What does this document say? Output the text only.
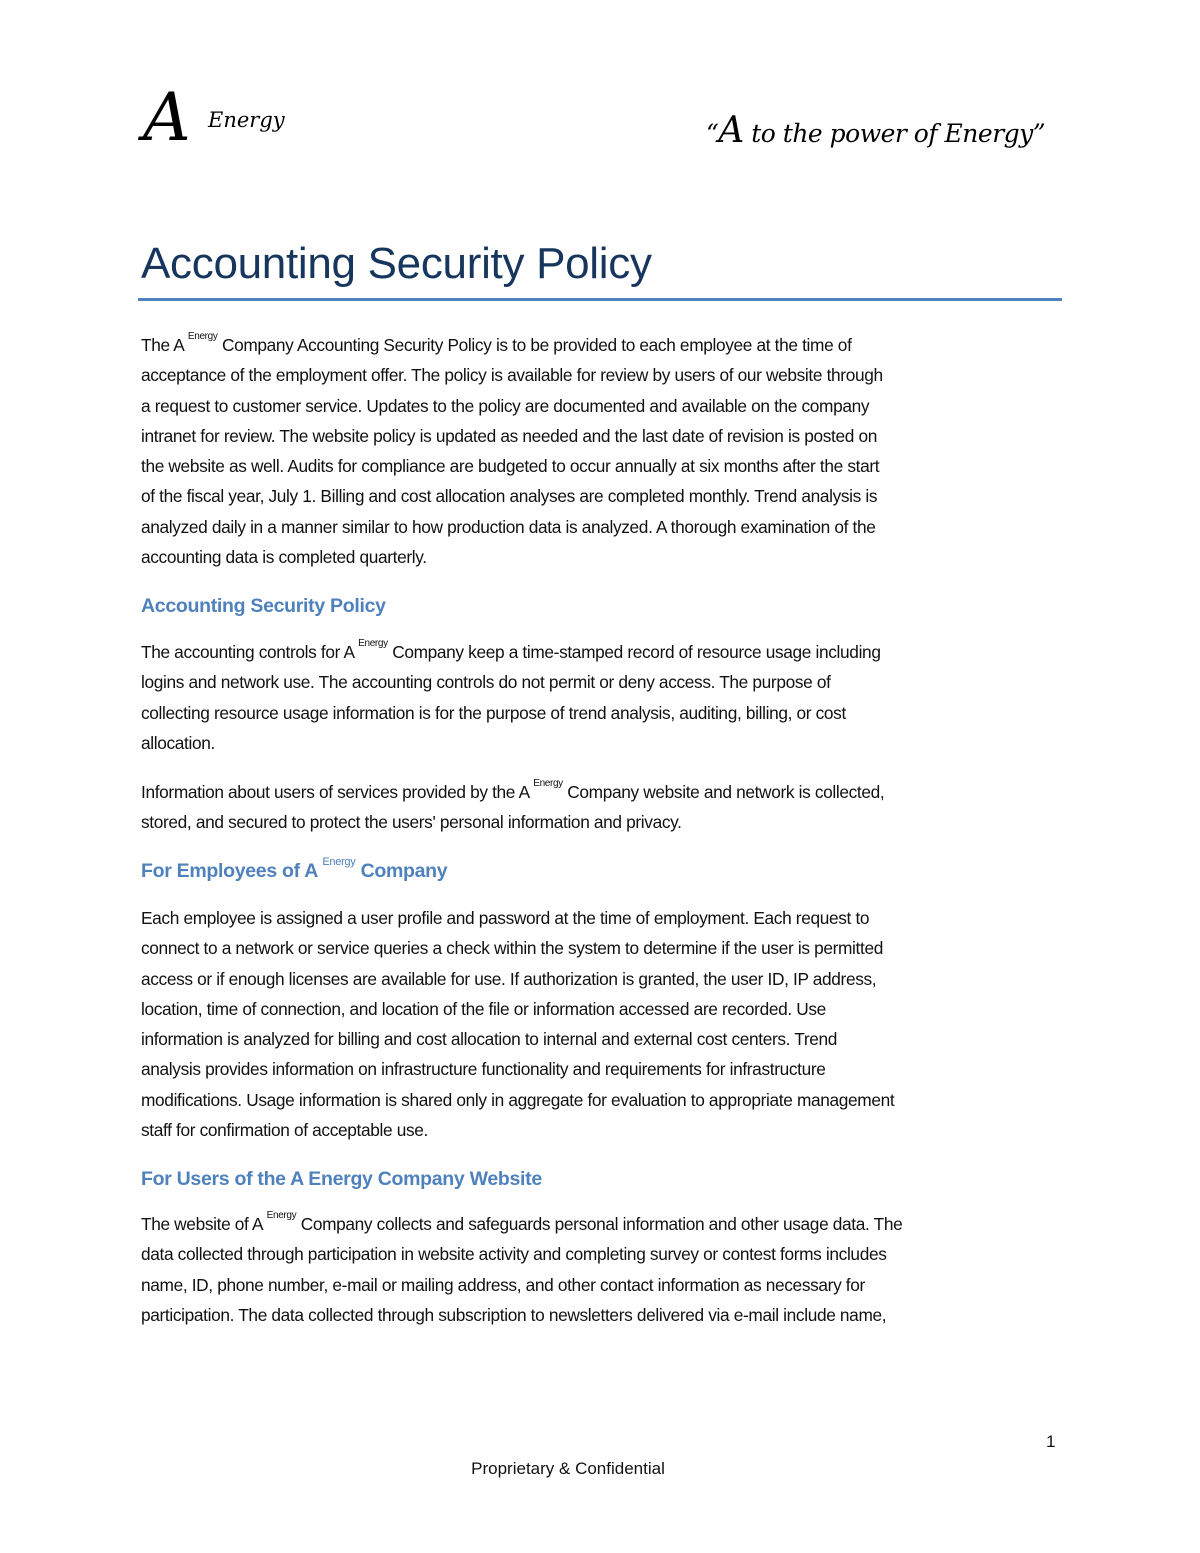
A Energy	“A to the power of Energy”
Accounting Security Policy
The A $^{Energy}$ Company Accounting Security Policy is to be provided to each employee at the time of
acceptance of the employment offer. The policy is available for review by users of our website through
a request to customer service. Updates to the policy are documented and available on the company
intranet for review. The website policy is updated as needed and the last date of revision is posted on
the website as well. Audits for compliance are budgeted to occur annually at six months after the start
of the fiscal year, July 1. Billing and cost allocation analyses are completed monthly. Trend analysis is
analyzed daily in a manner similar to how production data is analyzed. A thorough examination of the
accounting data is completed quarterly.
Accounting Security Policy
The accounting controls for A $^{Energy}$ Company keep a time-stamped record of resource usage including
logins and network use. The accounting controls do not permit or deny access. The purpose of
collecting resource usage information is for the purpose of trend analysis, auditing, billing, or cost
allocation.
Information about users of services provided by the A $^{Energy}$ Company website and network is collected,
stored, and secured to protect the users' personal information and privacy.
For Employees of A $^{Energy}$ Company
Each employee is assigned a user profile and password at the time of employment. Each request to
connect to a network or service queries a check within the system to determine if the user is permitted
access or if enough licenses are available for use. If authorization is granted, the user ID, IP address,
location, time of connection, and location of the file or information accessed are recorded. Use
information is analyzed for billing and cost allocation to internal and external cost centers. Trend
analysis provides information on infrastructure functionality and requirements for infrastructure
modifications. Usage information is shared only in aggregate for evaluation to appropriate management
staff for confirmation of acceptable use.
For Users of the A Energy Company Website
The website of A $^{Energy}$ Company collects and safeguards personal information and other usage data. The
data collected through participation in website activity and completing survey or contest forms includes
name, ID, phone number, e-mail or mailing address, and other contact information as necessary for
participation. The data collected through subscription to newsletters delivered via e-mail include name,
1
Proprietary & Confidential
